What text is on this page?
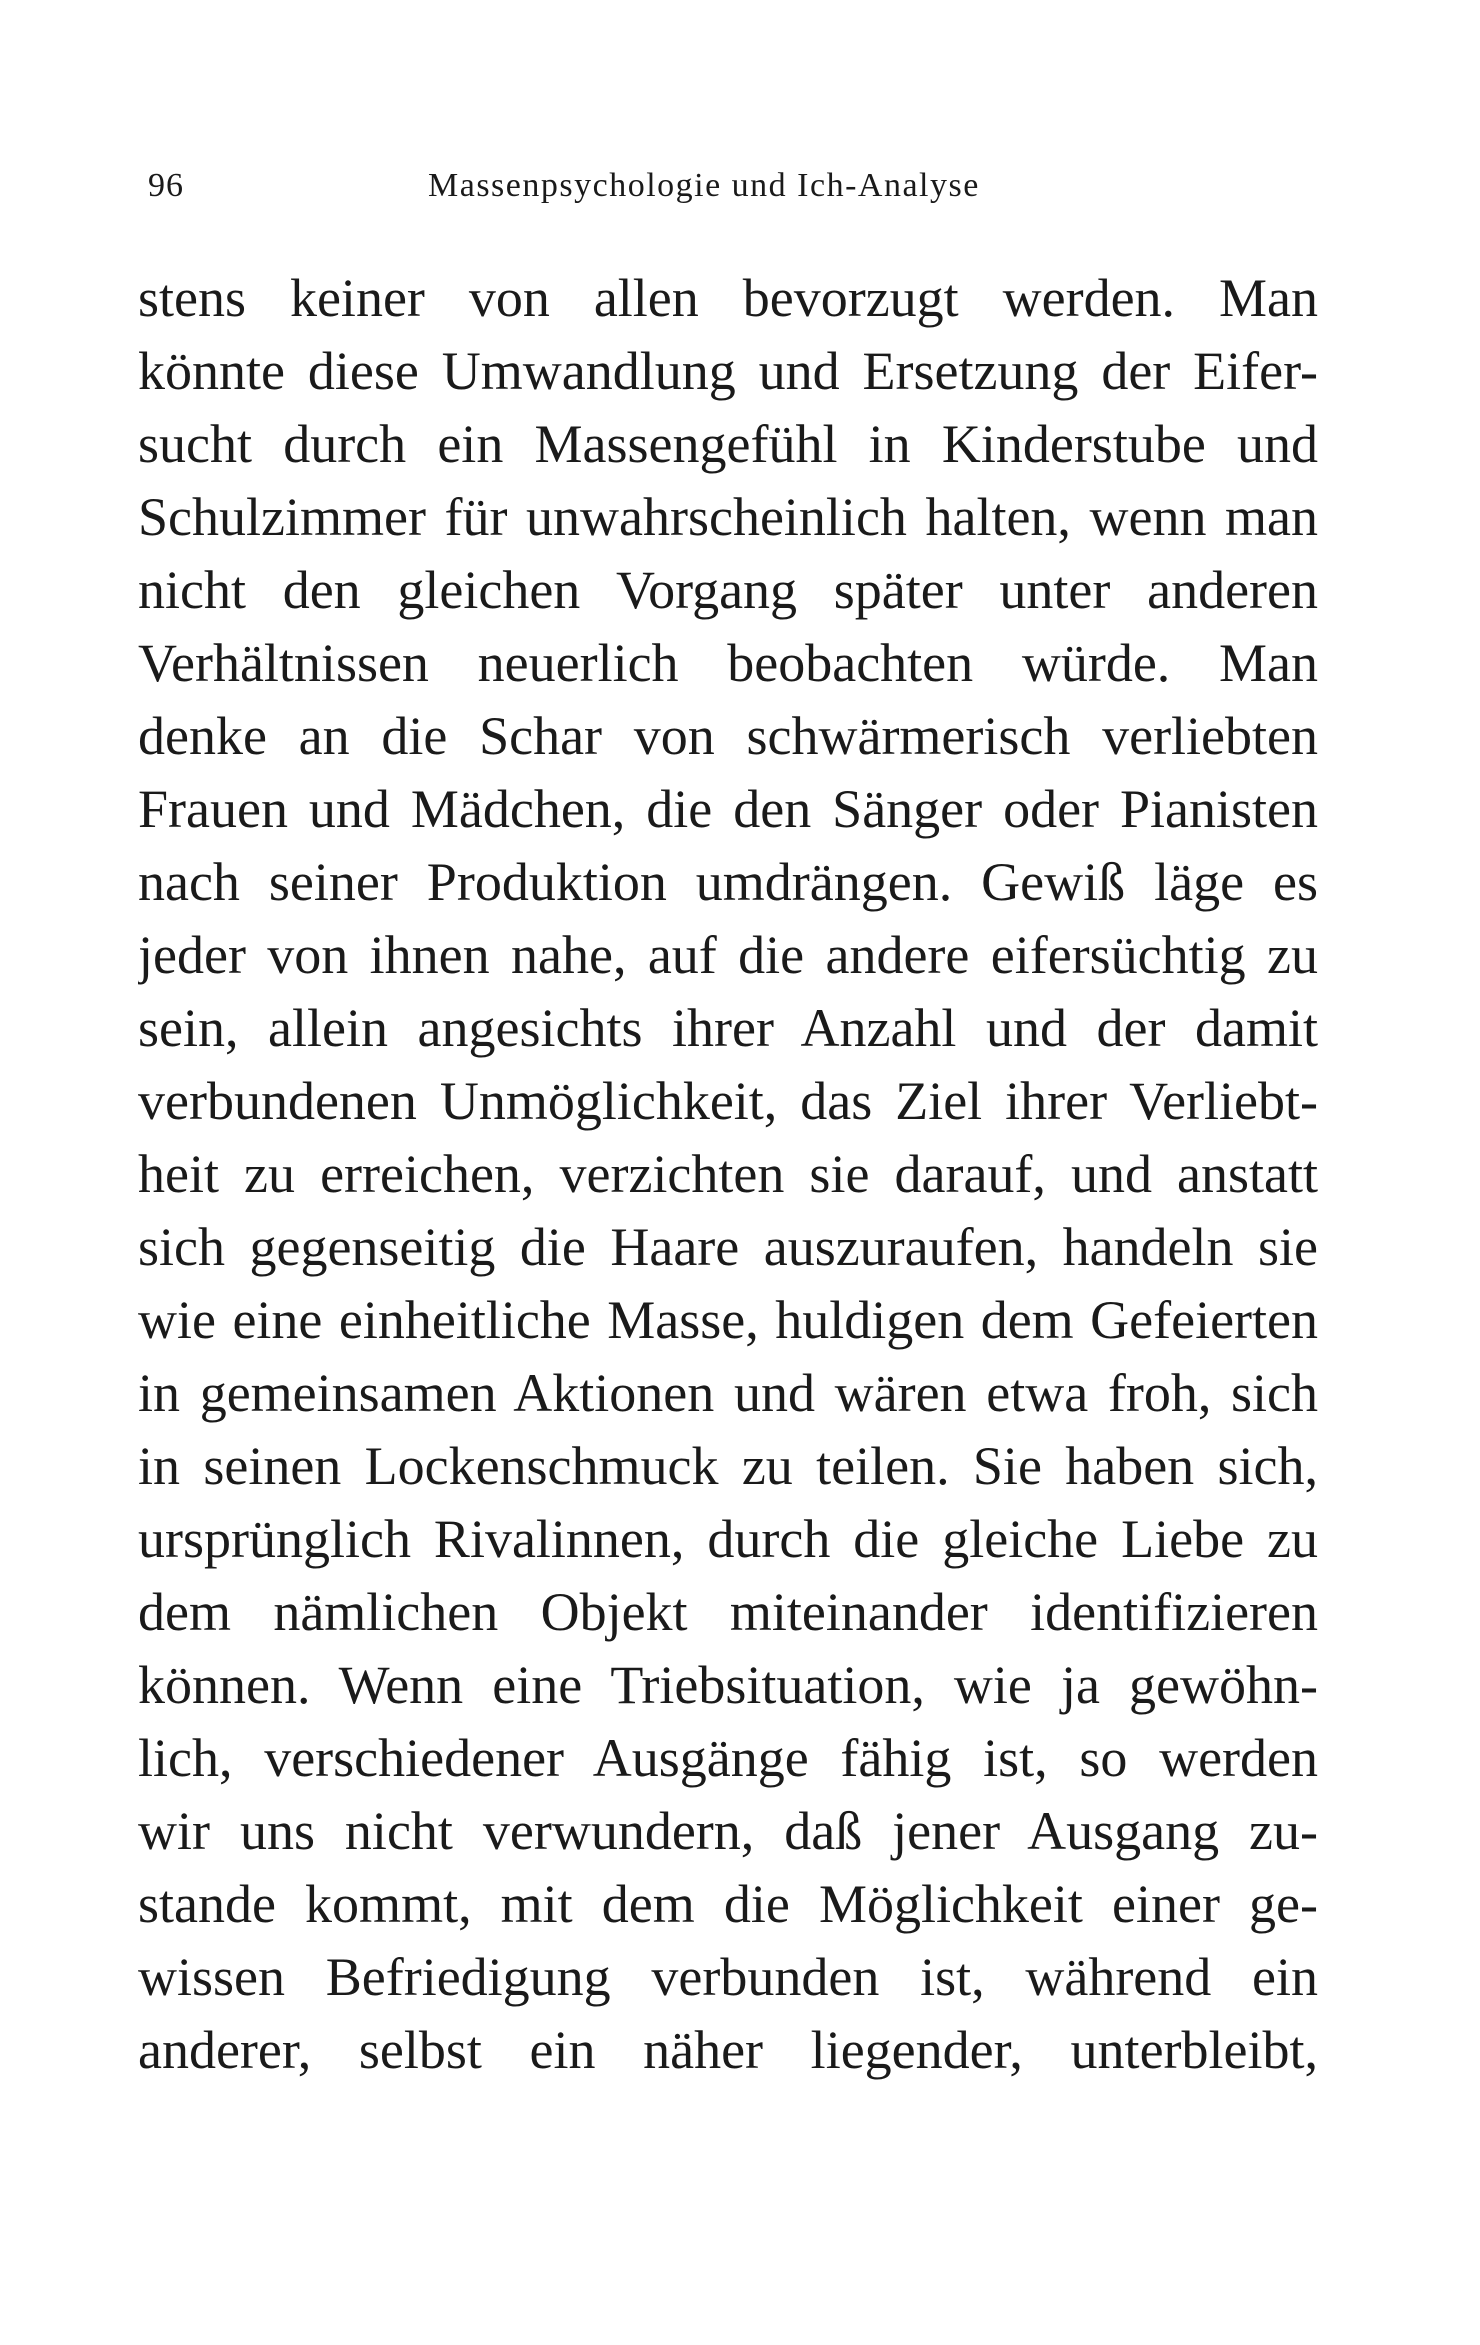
96	Massenpsychologie und Ich-Analyse
stens keiner von allen bevorzugt werden. Man
könnte diese Umwandlung und Ersetzung der Eifer-
sucht durch ein Massengefühl in Kinderstube und
Schulzimmer für unwahrscheinlich halten, wenn man
nicht den gleichen Vorgang später unter anderen
Verhältnissen neuerlich beobachten würde. Man
denke an die Schar von schwärmerisch verliebten
Frauen und Mädchen, die den Sänger oder Pianisten
nach seiner Produktion umdrängen. Gewiß läge es
jeder von ihnen nahe, auf die andere eifersüchtig zu
sein, allein angesichts ihrer Anzahl und der damit
verbundenen Unmöglichkeit, das Ziel ihrer Verliebt-
heit zu erreichen, verzichten sie darauf, und anstatt
sich gegenseitig die Haare auszuraufen, handeln sie
wie eine einheitliche Masse, huldigen dem Gefeierten
in gemeinsamen Aktionen und wären etwa froh, sich
in seinen Lockenschmuck zu teilen. Sie haben sich,
ursprünglich Rivalinnen, durch die gleiche Liebe zu
dem nämlichen Objekt miteinander identifizieren
können. Wenn eine Triebsituation, wie ja gewöhn-
lich, verschiedener Ausgänge fähig ist, so werden
wir uns nicht verwundern, daß jener Ausgang zu-
stande kommt, mit dem die Möglichkeit einer ge-
wissen Befriedigung verbunden ist, während ein
anderer, selbst ein näher liegender, unterbleibt,
